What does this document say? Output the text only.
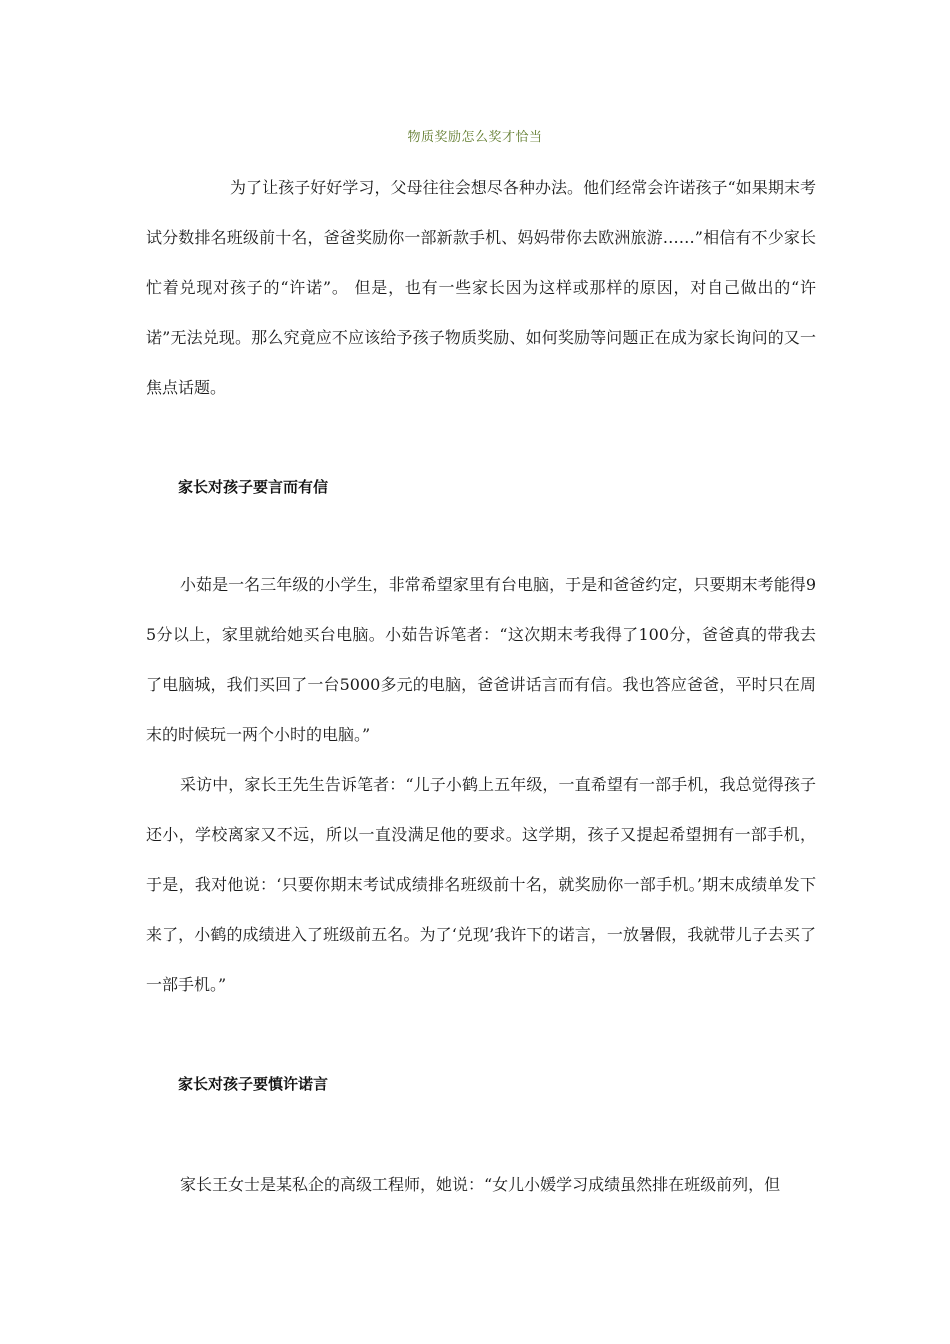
物质奖励怎么奖才恰当

为了让孩子好好学习，父母往往会想尽各种办法。他们经常会许诺孩子“如果期末考试分数排名班级前十名，爸爸奖励你一部新款手机、妈妈带你去欧洲旅游……”相信有不少家长忙着兑现对孩子的“许诺”。 但是，也有一些家长因为这样或那样的原因，对自己做出的“许诺”无法兑现。那么究竟应不应该给予孩子物质奖励、如何奖励等问题正在成为家长询问的又一焦点话题。

家长对孩子要言而有信

小茹是一名三年级的小学生，非常希望家里有台电脑，于是和爸爸约定，只要期末考能得95分以上，家里就给她买台电脑。小茹告诉笔者：“这次期末考我得了100分，爸爸真的带我去了电脑城，我们买回了一台5000多元的电脑，爸爸讲话言而有信。我也答应爸爸，平时只在周末的时候玩一两个小时的电脑。”

采访中，家长王先生告诉笔者：“儿子小鹤上五年级，一直希望有一部手机，我总觉得孩子还小，学校离家又不远，所以一直没满足他的要求。这学期，孩子又提起希望拥有一部手机，于是，我对他说：‘只要你期末考试成绩排名班级前十名，就奖励你一部手机。’期末成绩单发下来了，小鹤的成绩进入了班级前五名。为了‘兑现’我许下的诺言，一放暑假，我就带儿子去买了一部手机。”

家长对孩子要慎许诺言

家长王女士是某私企的高级工程师，她说：“女儿小媛学习成绩虽然排在班级前列，但
